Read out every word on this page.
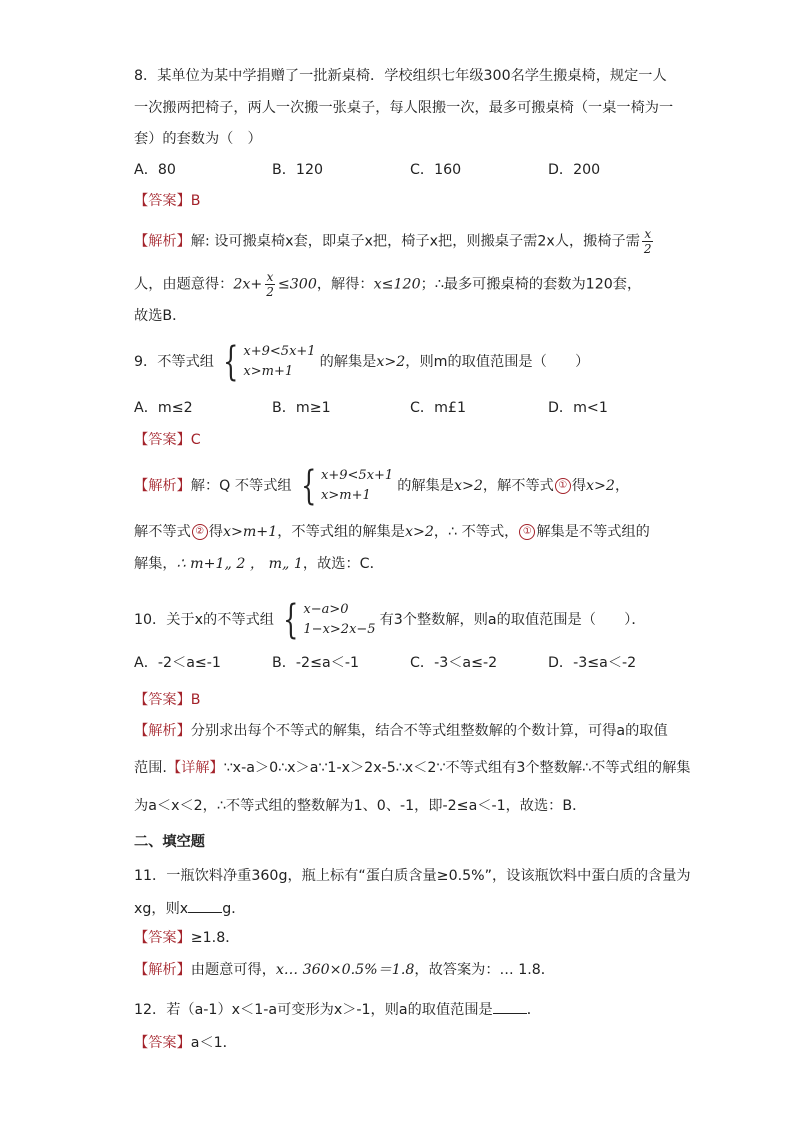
8．某单位为某中学捐赠了一批新桌椅．学校组织七年级300名学生搬桌椅，规定一人
一次搬两把椅子，两人一次搬一张桌子，每人限搬一次，最多可搬桌椅（一桌一椅为一
套）的套数为（　）
A．80	B．120	C．160	D．200
【答案】B
【解析】解: 设可搬桌椅x套，即桌子x把，椅子x把，则搬桌子需2x人，搬椅子需 $\frac{x}{2}$
人，由题意得：$2x+ \frac{x}{2} \le 300$，解得：x≤120；∴最多可搬桌椅的套数为120套，
故选B．
9．不等式组 { x+9<5x+1
x>m+1
的解集是x>2，则m的取值范围是（　　）
A．m≤2	B．m≥1	C．m£1	D．m<1
【答案】C
【解析】解：Q 不等式组 { x+9<5x+1
x>m+1
的解集是x>2，解不等式 ① 得x>2，
解不等式 ② 得x>m+1，不等式组的解集是x>2，∴ 不等式， ① 解集是不等式组的
解集，∴ m+1„ 2 ， m„ 1，故选：C．
10．关于x的不等式组 { x−a>0
1−x>2x−5
有3个整数解，则a的取值范围是（　　）．
A．-2＜a≤-1	B．-2≤a＜-1	C．-3＜a≤-2	D．-3≤a＜-2
【答案】B
【解析】分别求出每个不等式的解集，结合不等式组整数解的个数计算，可得a的取值
范围.【详解】∵x-a＞0∴x＞a∵1-x＞2x-5∴x＜2∵不等式组有3个整数解∴不等式组的解集
为a＜x＜2，∴不等式组的整数解为1、0、-1，即-2≤a＜-1，故选：B．
二、填空题
11．一瓶饮料净重360g，瓶上标有“蛋白质含量≥0.5%”，设该瓶饮料中蛋白质的含量为
xg，则x g．
【答案】≥1.8．
【解析】由题意可得，x… 360×0.5%＝1.8，故答案为：… 1.8．
12．若（a-1）x＜1-a可变形为x＞-1，则a的取值范围是 ．
【答案】a＜1．
